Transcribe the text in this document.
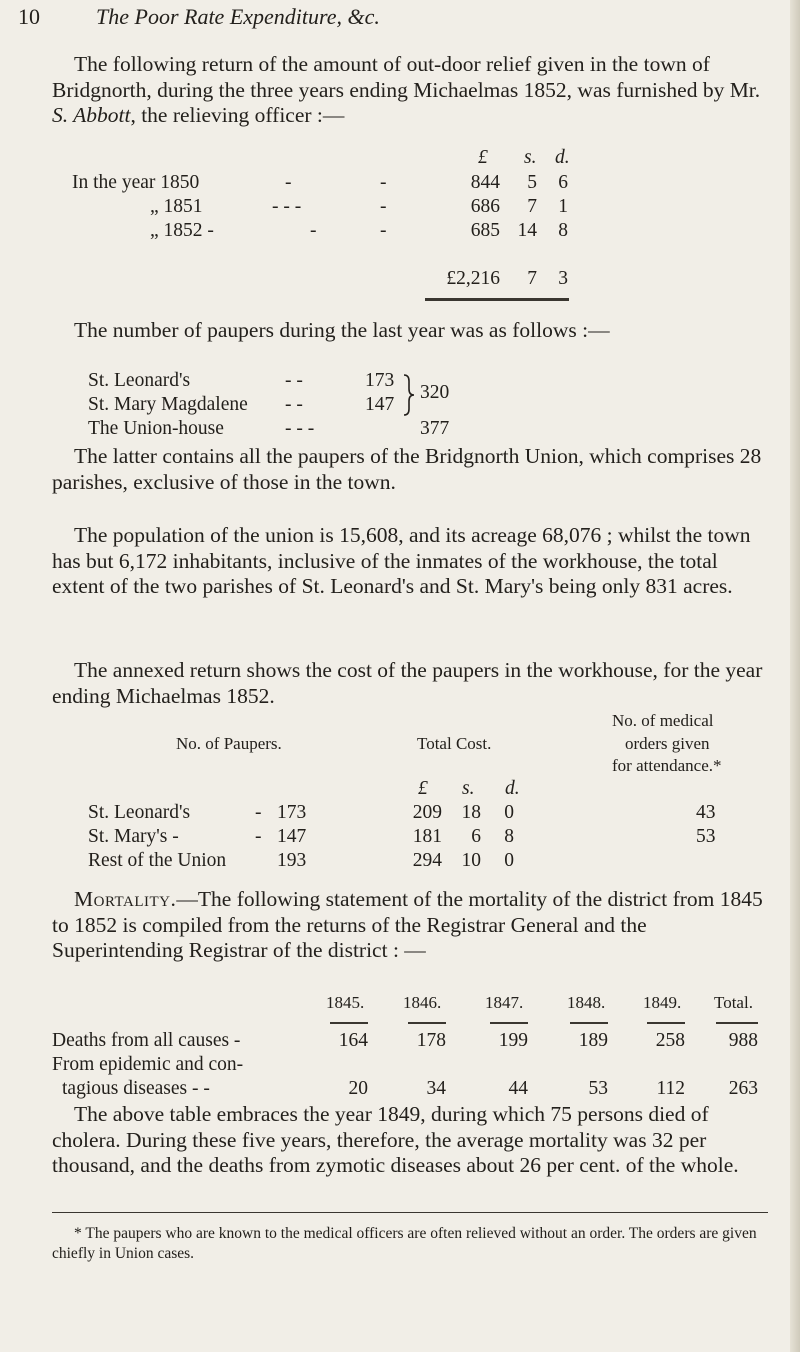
10	The Poor Rate Expenditure, &c.

The following return of the amount of out-door relief given in the town of Bridgnorth, during the three years ending Michaelmas 1852, was furnished by Mr. S. Abbott, the relieving officer :—

£ s. d.
In the year 1850	-	-	844	5	6
„ 1851	- - -	-	686	7	1
„ 1852 -	-	-	685 14	8
£2,216	7	3
The number of paupers during the last year was as follows :—
St. Leonard's	- -	173
St. Mary Magdalene - -	147
320
The Union-house	- - -	377
The latter contains all the paupers of the Bridgnorth Union, which comprises 28 parishes, exclusive of those in the town.
The population of the union is 15,608, and its acreage 68,076 ; whilst the town has but 6,172 inhabitants, inclusive of the inmates of the workhouse, the total extent of the two parishes of St. Leonard's and St. Mary's being only 831 acres.
The annexed return shows the cost of the paupers in the workhouse, for the year ending Michaelmas 1852.
No. of medical
No. of Paupers.	Total Cost.	orders given
for attendance.*
£ s. d.
St. Leonard's	- 173	209	18	0	43
St. Mary's -	- 147	181	6	8	53
Rest of the Union	193	294	10	0

Mortality.—The following statement of the mortality of the district from 1845 to 1852 is compiled from the returns of the Registrar General and the Superintending Registrar of the district : —

1845. 1846.	1847.	1848. 1849. Total.
Deaths from all causes -	164	178	199	189	258	988
From epidemic and con-
tagious diseases - -	20	34	44	53	112	263
The above table embraces the year 1849, during which 75 persons died of cholera. During these five years, therefore, the average mortality was 32 per thousand, and the deaths from zymotic diseases about 26 per cent. of the whole.
* The paupers who are known to the medical officers are often relieved without an order. The orders are given chiefly in Union cases.
